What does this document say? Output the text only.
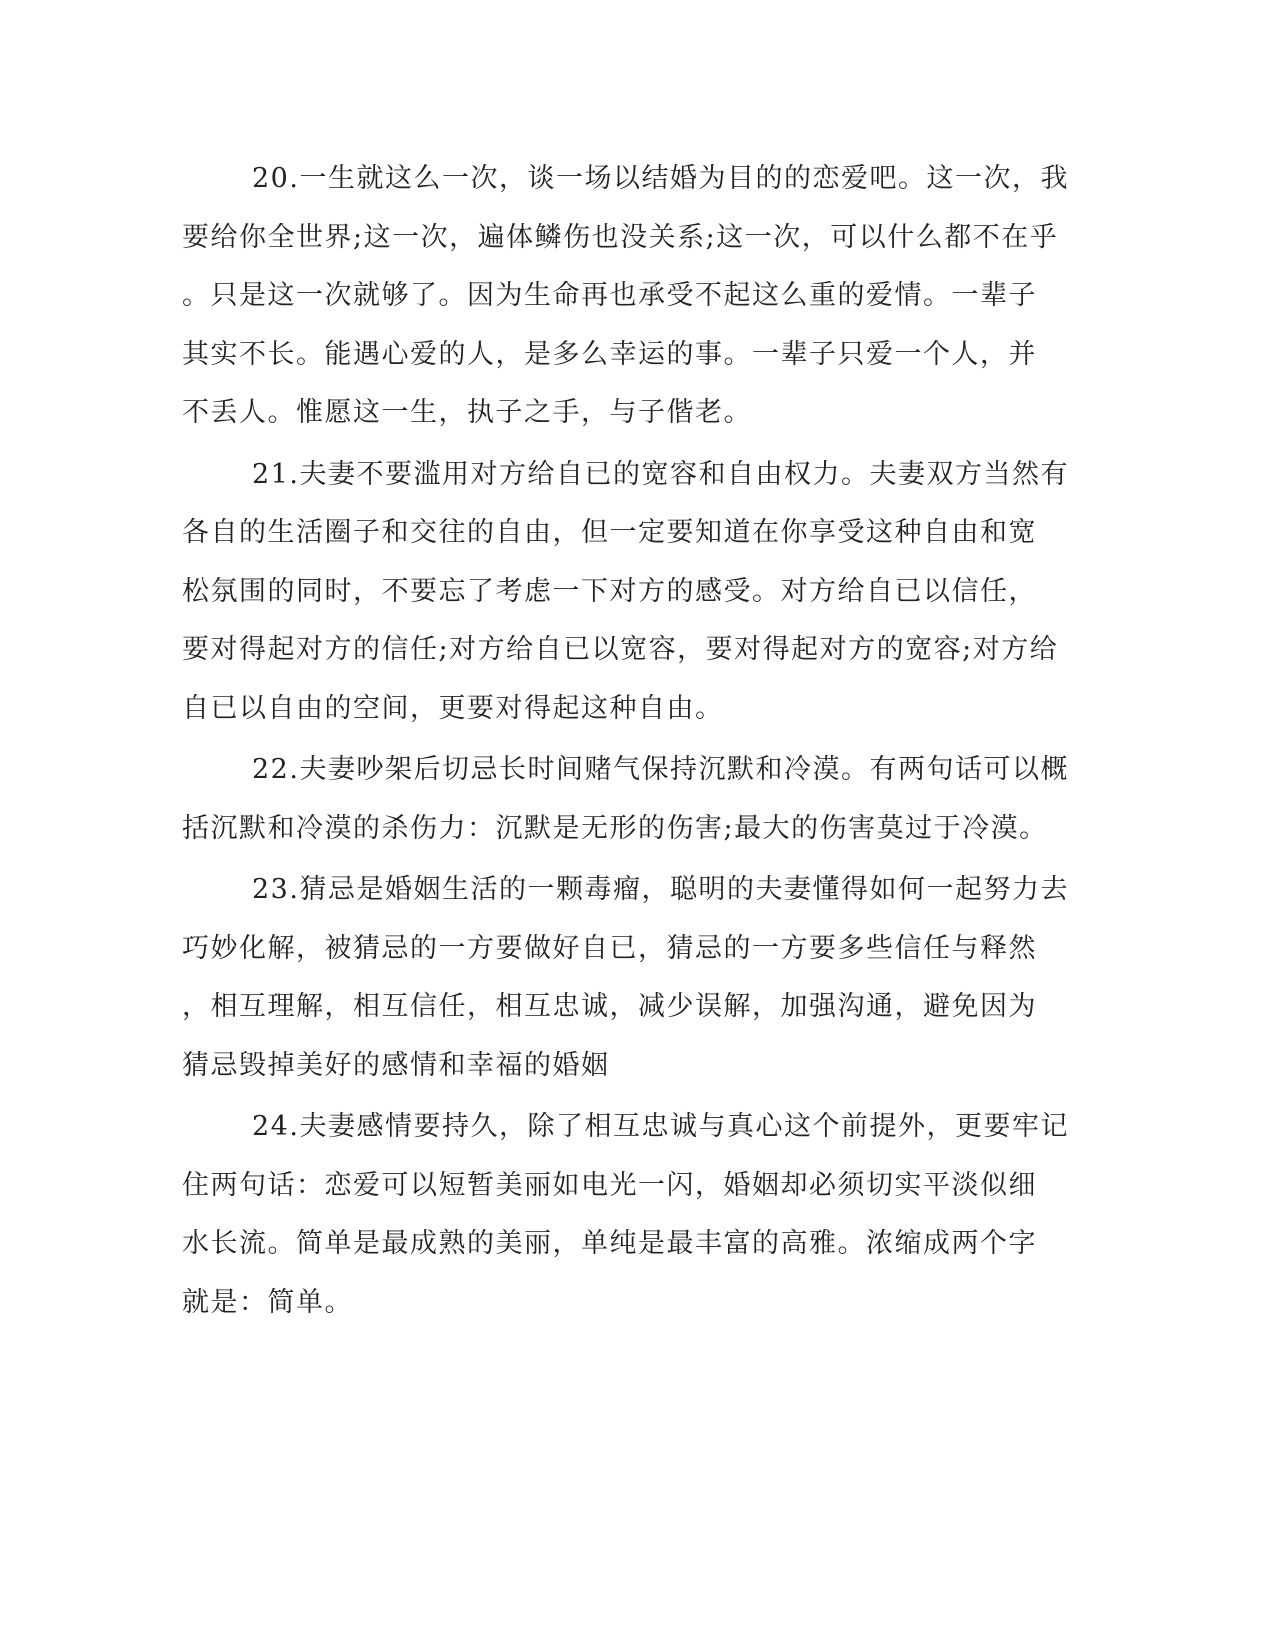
20.一生就这么一次，谈一场以结婚为目的的恋爱吧。这一次，我
要给你全世界;这一次，遍体鳞伤也没关系;这一次，可以什么都不在乎
。只是这一次就够了。因为生命再也承受不起这么重的爱情。一辈子
其实不长。能遇心爱的人，是多么幸运的事。一辈子只爱一个人，并
不丢人。惟愿这一生，执子之手，与子偕老。
21.夫妻不要滥用对方给自已的宽容和自由权力。夫妻双方当然有
各自的生活圈子和交往的自由，但一定要知道在你享受这种自由和宽
松氛围的同时，不要忘了考虑一下对方的感受。对方给自已以信任，
要对得起对方的信任;对方给自已以宽容，要对得起对方的宽容;对方给
自已以自由的空间，更要对得起这种自由。
22.夫妻吵架后切忌长时间赌气保持沉默和冷漠。有两句话可以概
括沉默和冷漠的杀伤力：沉默是无形的伤害;最大的伤害莫过于冷漠。
23.猜忌是婚姻生活的一颗毒瘤，聪明的夫妻懂得如何一起努力去
巧妙化解，被猜忌的一方要做好自已，猜忌的一方要多些信任与释然
，相互理解，相互信任，相互忠诚，减少误解，加强沟通，避免因为
猜忌毁掉美好的感情和幸福的婚姻
24.夫妻感情要持久，除了相互忠诚与真心这个前提外，更要牢记
住两句话：恋爱可以短暂美丽如电光一闪，婚姻却必须切实平淡似细
水长流。简单是最成熟的美丽，单纯是最丰富的高雅。浓缩成两个字
就是：简单。
